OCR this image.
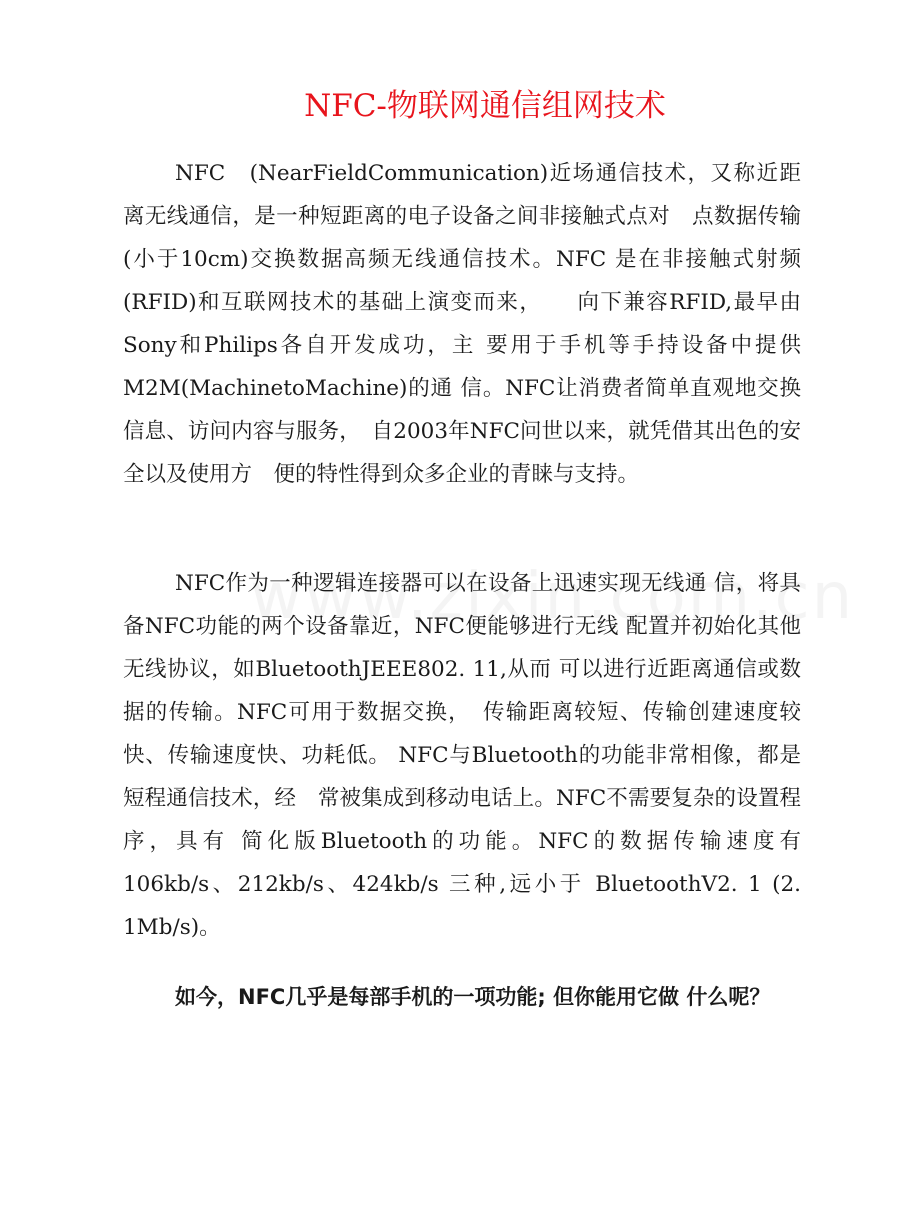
NFC-物联网通信组网技术
NFC　(NearFieldCommunication)近场通信技术，又称近距离无线通信，是一种短距离的电子设备之间非接触式点对　点数据传输(小于10cm)交换数据高频无线通信技术。NFC 是在非接触式射频(RFID)和互联网技术的基础上演变而来，　　向下兼容RFID,最早由Sony和Philips各自开发成功，主 要用于手机等手持设备中提供M2M(MachinetoMachine)的通 信。NFC让消费者简单直观地交换信息、访问内容与服务，　自2003年NFC问世以来，就凭借其出色的安全以及使用方　便的特性得到众多企业的青睐与支持。
NFC作为一种逻辑连接器可以在设备上迅速实现无线通 信，将具备NFC功能的两个设备靠近，NFC便能够进行无线 配置并初始化其他无线协议，如BluetoothJEEE802. 11,从而 可以进行近距离通信或数据的传输。NFC可用于数据交换，　传输距离较短、传输创建速度较快、传输速度快、功耗低。 NFC与Bluetooth的功能非常相像，都是短程通信技术，经　常被集成到移动电话上。NFC不需要复杂的设置程序，具有 简化版Bluetooth的功能。NFC的数据传输速度有 106kb/s、212kb/s、424kb/s 三种,远小于 BluetoothV2. 1 (2. 1Mb/s)。
如今，NFC几乎是每部手机的一项功能; 但你能用它做 什么呢？
